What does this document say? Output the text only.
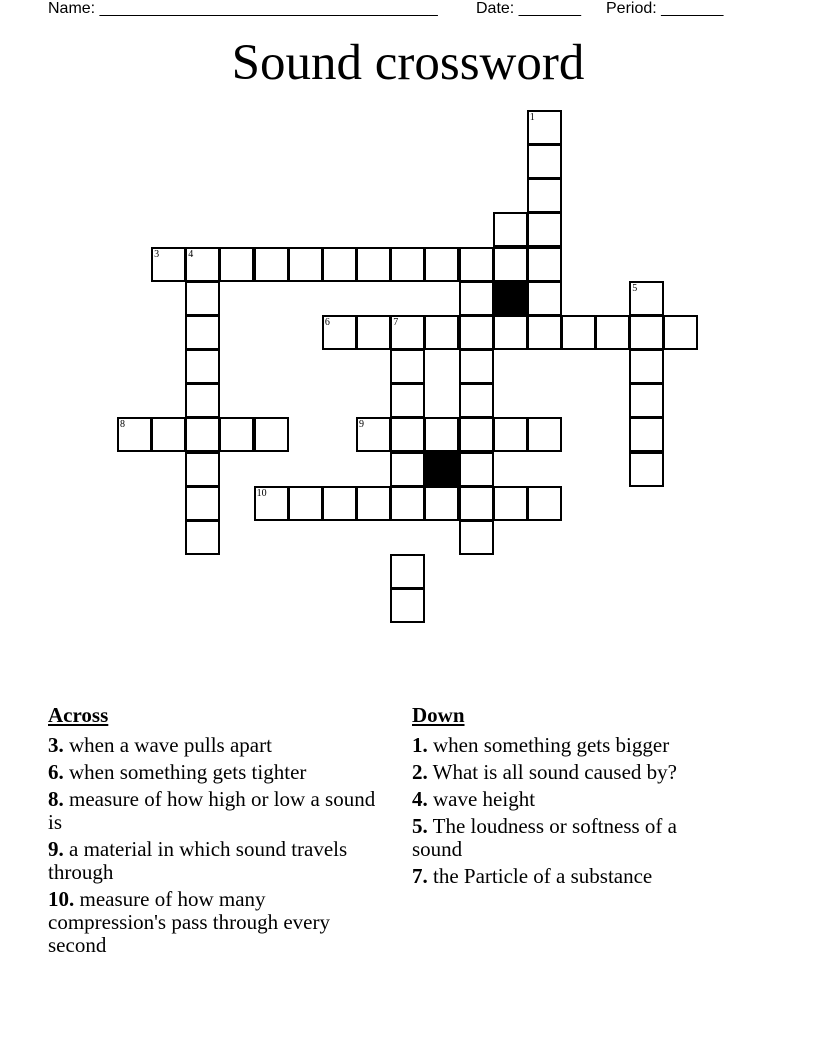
Name: ______________________________________ Date: _______ Period: _______
Sound crossword
1
3	4
5
6	7
8	9
10
Across
3. when a wave pulls apart
6. when something gets tighter
8. measure of how high or low a sound is
9. a material in which sound travels through
10. measure of how many compression's pass through every second
Down
1. when something gets bigger
2. What is all sound caused by?
4. wave height
5. The loudness or softness of a sound
7. the Particle of a substance
